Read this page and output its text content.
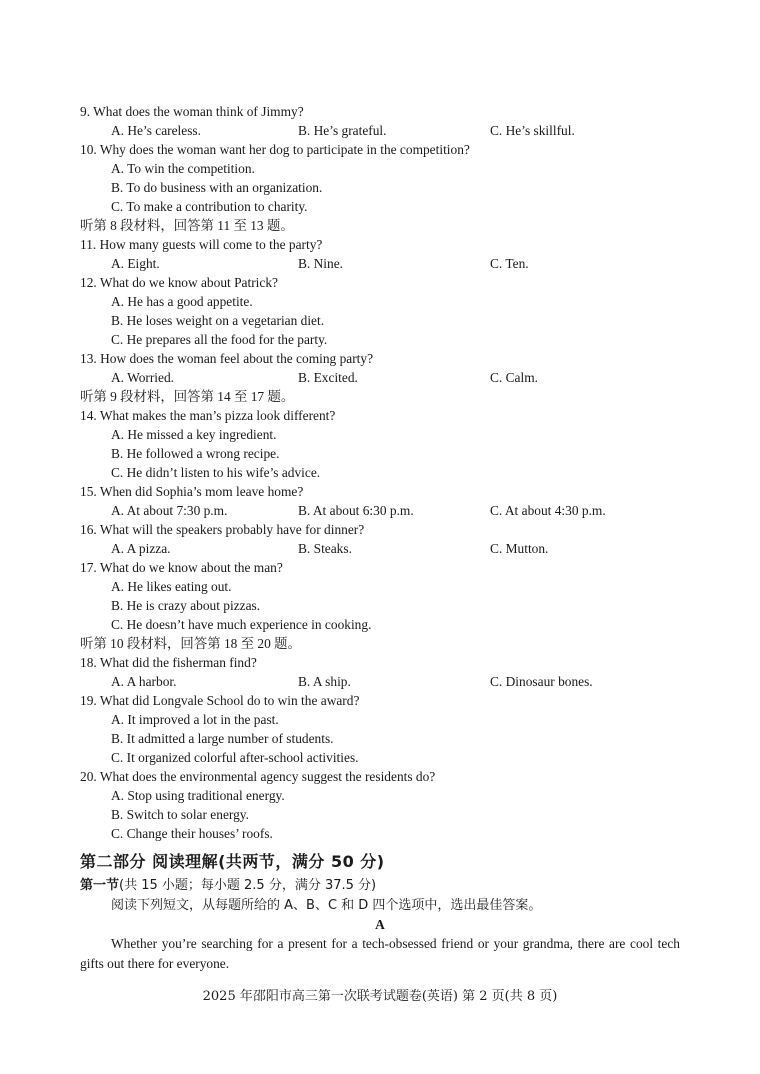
9. What does the woman think of Jimmy?
A. He’s careless.	B. He’s grateful.	C. He’s skillful.
10. Why does the woman want her dog to participate in the competition?
A. To win the competition.
B. To do business with an organization.
C. To make a contribution to charity.
听第 8 段材料，回答第 11 至 13 题。
11. How many guests will come to the party?
A. Eight.	B. Nine.	C. Ten.
12. What do we know about Patrick?
A. He has a good appetite.
B. He loses weight on a vegetarian diet.
C. He prepares all the food for the party.
13. How does the woman feel about the coming party?
A. Worried.	B. Excited.	C. Calm.
听第 9 段材料，回答第 14 至 17 题。
14. What makes the man’s pizza look different?
A. He missed a key ingredient.
B. He followed a wrong recipe.
C. He didn’t listen to his wife’s advice.
15. When did Sophia’s mom leave home?
A. At about 7:30 p.m.	B. At about 6:30 p.m.	C. At about 4:30 p.m.
16. What will the speakers probably have for dinner?
A. A pizza.	B. Steaks.	C. Mutton.
17. What do we know about the man?
A. He likes eating out.
B. He is crazy about pizzas.
C. He doesn’t have much experience in cooking.
听第 10 段材料，回答第 18 至 20 题。
18. What did the fisherman find?
A. A harbor.	B. A ship.	C. Dinosaur bones.
19. What did Longvale School do to win the award?
A. It improved a lot in the past.
B. It admitted a large number of students.
C. It organized colorful after-school activities.
20. What does the environmental agency suggest the residents do?
A. Stop using traditional energy.
B. Switch to solar energy.
C. Change their houses’ roofs.
第二部分 阅读理解(共两节，满分 50 分)
第一节(共 15 小题；每小题 2.5 分，满分 37.5 分)
阅读下列短文，从每题所给的 A、B、C 和 D 四个选项中，选出最佳答案。
A
Whether you’re searching for a present for a tech-obsessed friend or your grandma, there are cool tech gifts out there for everyone.
2025 年邵阳市高三第一次联考试题卷(英语) 第 2 页(共 8 页)
